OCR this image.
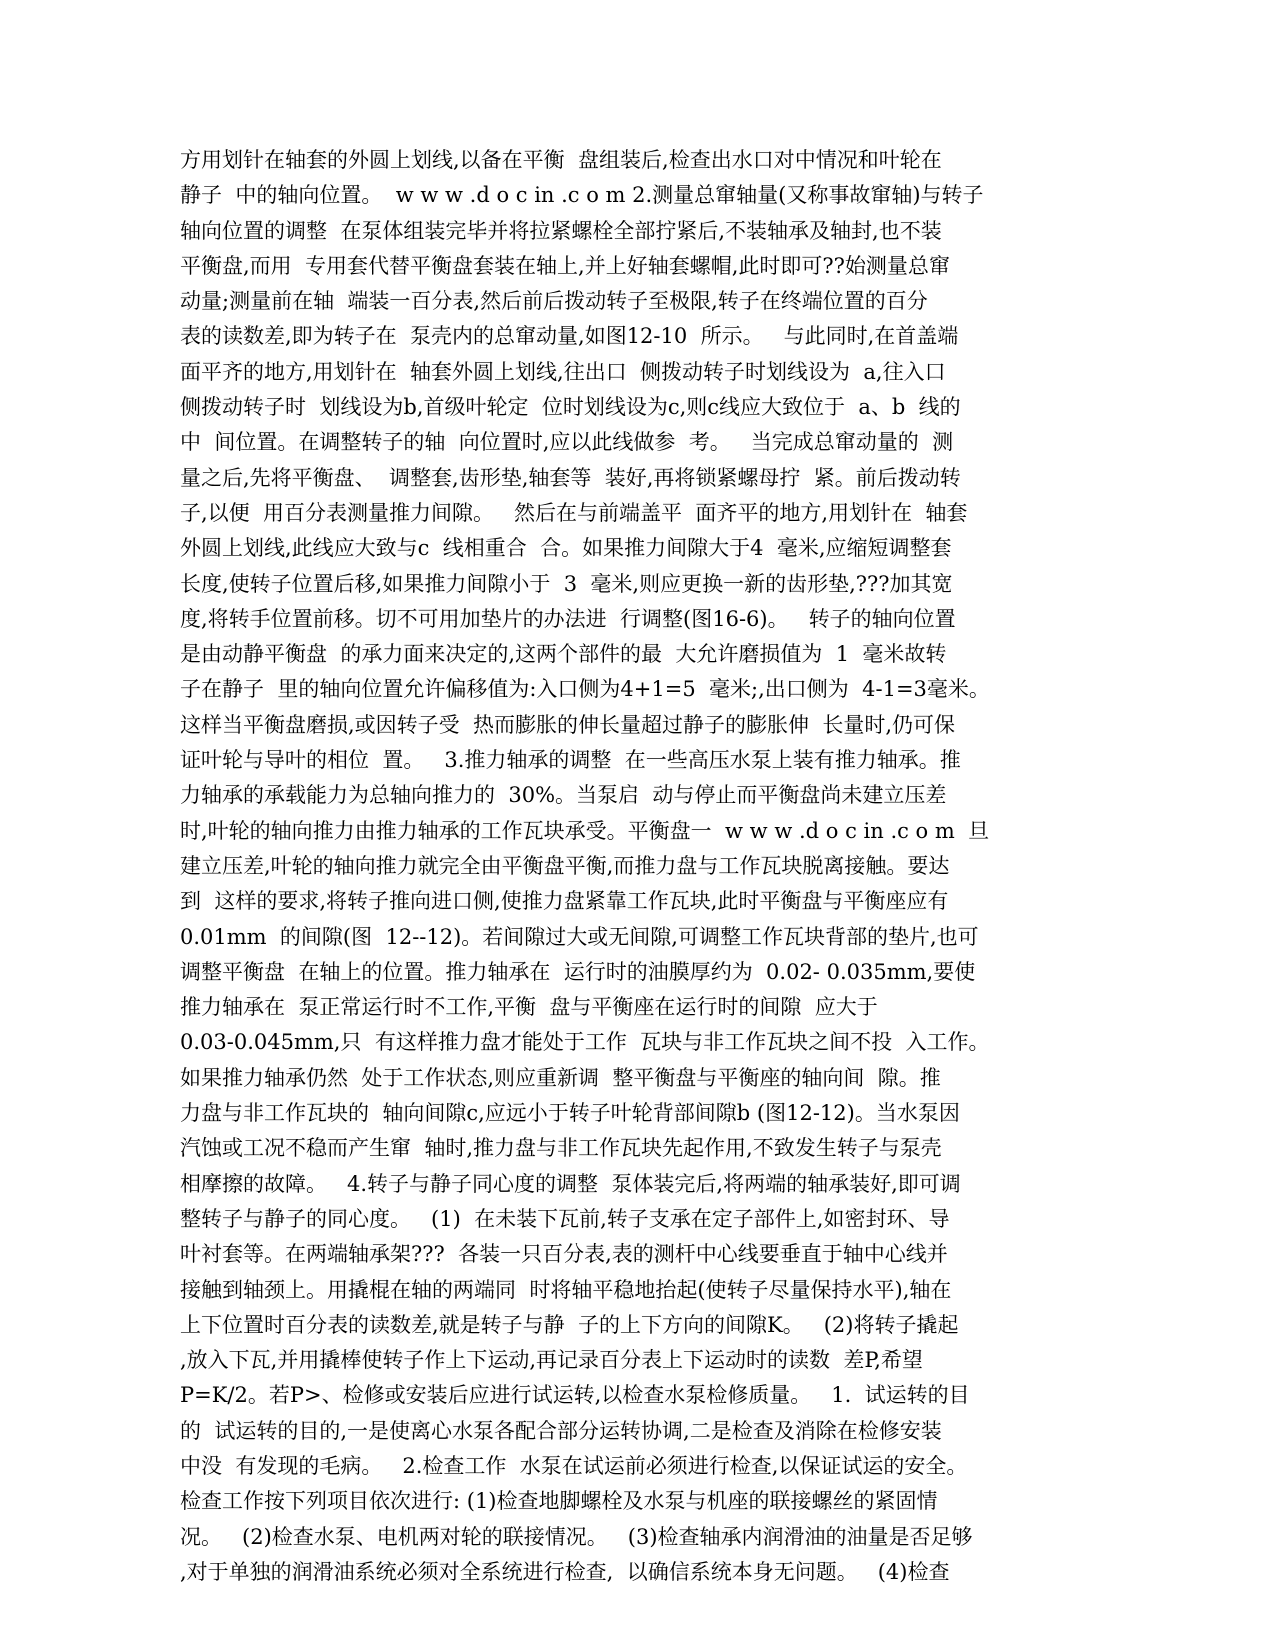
方用划针在轴套的外圆上划线,以备在平衡  盘组装后,检查出水口对中情况和叶轮在
静子  中的轴向位置。  w w w .d o c in .c o m 2.测量总窜轴量(又称事故窜轴)与转子
轴向位置的调整  在泵体组装完毕并将拉紧螺栓全部拧紧后,不装轴承及轴封,也不装
平衡盘,而用  专用套代替平衡盘套装在轴上,并上好轴套螺帽,此时即可??始测量总窜
动量;测量前在轴  端装一百分表,然后前后拨动转子至极限,转子在终端位置的百分
表的读数差,即为转子在  泵壳内的总窜动量,如图12-10  所示。   与此同时,在首盖端
面平齐的地方,用划针在  轴套外圆上划线,往出口  侧拨动转子时划线设为  a,往入口
侧拨动转子时  划线设为b,首级叶轮定  位时划线设为c,则c线应大致位于  a、b  线的
中  间位置。在调整转子的轴  向位置时,应以此线做参  考。   当完成总窜动量的  测
量之后,先将平衡盘、  调整套,齿形垫,轴套等  装好,再将锁紧螺母拧  紧。前后拨动转
子,以便  用百分表测量推力间隙。   然后在与前端盖平  面齐平的地方,用划针在  轴套
外圆上划线,此线应大致与c  线相重合  合。如果推力间隙大于4  毫米,应缩短调整套
长度,使转子位置后移,如果推力间隙小于  3  毫米,则应更换一新的齿形垫,???加其宽
度,将转手位置前移。切不可用加垫片的办法进  行调整(图16-6)。   转子的轴向位置
是由动静平衡盘  的承力面来决定的,这两个部件的最  大允许磨损值为  1  毫米故转
子在静子  里的轴向位置允许偏移值为:入口侧为4+1=5  毫米;,出口侧为  4-1=3毫米。
这样当平衡盘磨损,或因转子受  热而膨胀的伸长量超过静子的膨胀伸  长量时,仍可保
证叶轮与导叶的相位  置。   3.推力轴承的调整  在一些高压水泵上装有推力轴承。推
力轴承的承载能力为总轴向推力的  30%。当泵启  动与停止而平衡盘尚未建立压差
时,叶轮的轴向推力由推力轴承的工作瓦块承受。平衡盘一  w w w .d o c in .c o m  旦
建立压差,叶轮的轴向推力就完全由平衡盘平衡,而推力盘与工作瓦块脱离接触。要达
到  这样的要求,将转子推向进口侧,使推力盘紧靠工作瓦块,此时平衡盘与平衡座应有
0.01mm  的间隙(图  12--12)。若间隙过大或无间隙,可调整工作瓦块背部的垫片,也可
调整平衡盘  在轴上的位置。推力轴承在  运行时的油膜厚约为  0.02- 0.035mm,要使
推力轴承在  泵正常运行时不工作,平衡  盘与平衡座在运行时的间隙  应大于
0.03-0.045mm,只  有这样推力盘才能处于工作  瓦块与非工作瓦块之间不投  入工作。
如果推力轴承仍然  处于工作状态,则应重新调  整平衡盘与平衡座的轴向间  隙。推
力盘与非工作瓦块的  轴向间隙c,应远小于转子叶轮背部间隙b (图12-12)。当水泵因
汽蚀或工况不稳而产生窜  轴时,推力盘与非工作瓦块先起作用,不致发生转子与泵壳
相摩擦的故障。   4.转子与静子同心度的调整  泵体装完后,将两端的轴承装好,即可调
整转子与静子的同心度。   (1)  在未装下瓦前,转子支承在定子部件上,如密封环、导
叶衬套等。在两端轴承架???  各装一只百分表,表的测杆中心线要垂直于轴中心线并
接触到轴颈上。用撬棍在轴的两端同  时将轴平稳地抬起(使转子尽量保持水平),轴在
上下位置时百分表的读数差,就是转子与静  子的上下方向的间隙K。   (2)将转子撬起
,放入下瓦,并用撬棒使转子作上下运动,再记录百分表上下运动时的读数  差P,希望
P=K/2。若P>、检修或安装后应进行试运转,以检查水泵检修质量。   1.  试运转的目
的  试运转的目的,一是使离心水泵各配合部分运转协调,二是检查及消除在检修安装
中没  有发现的毛病。   2.检查工作  水泵在试运前必须进行检查,以保证试运的安全。
检查工作按下列项目依次进行: (1)检查地脚螺栓及水泵与机座的联接螺丝的紧固情
况。   (2)检查水泵、电机两对轮的联接情况。   (3)检查轴承内润滑油的油量是否足够
,对于单独的润滑油系统必须对全系统进行检查,  以确信系统本身无问题。   (4)检查
